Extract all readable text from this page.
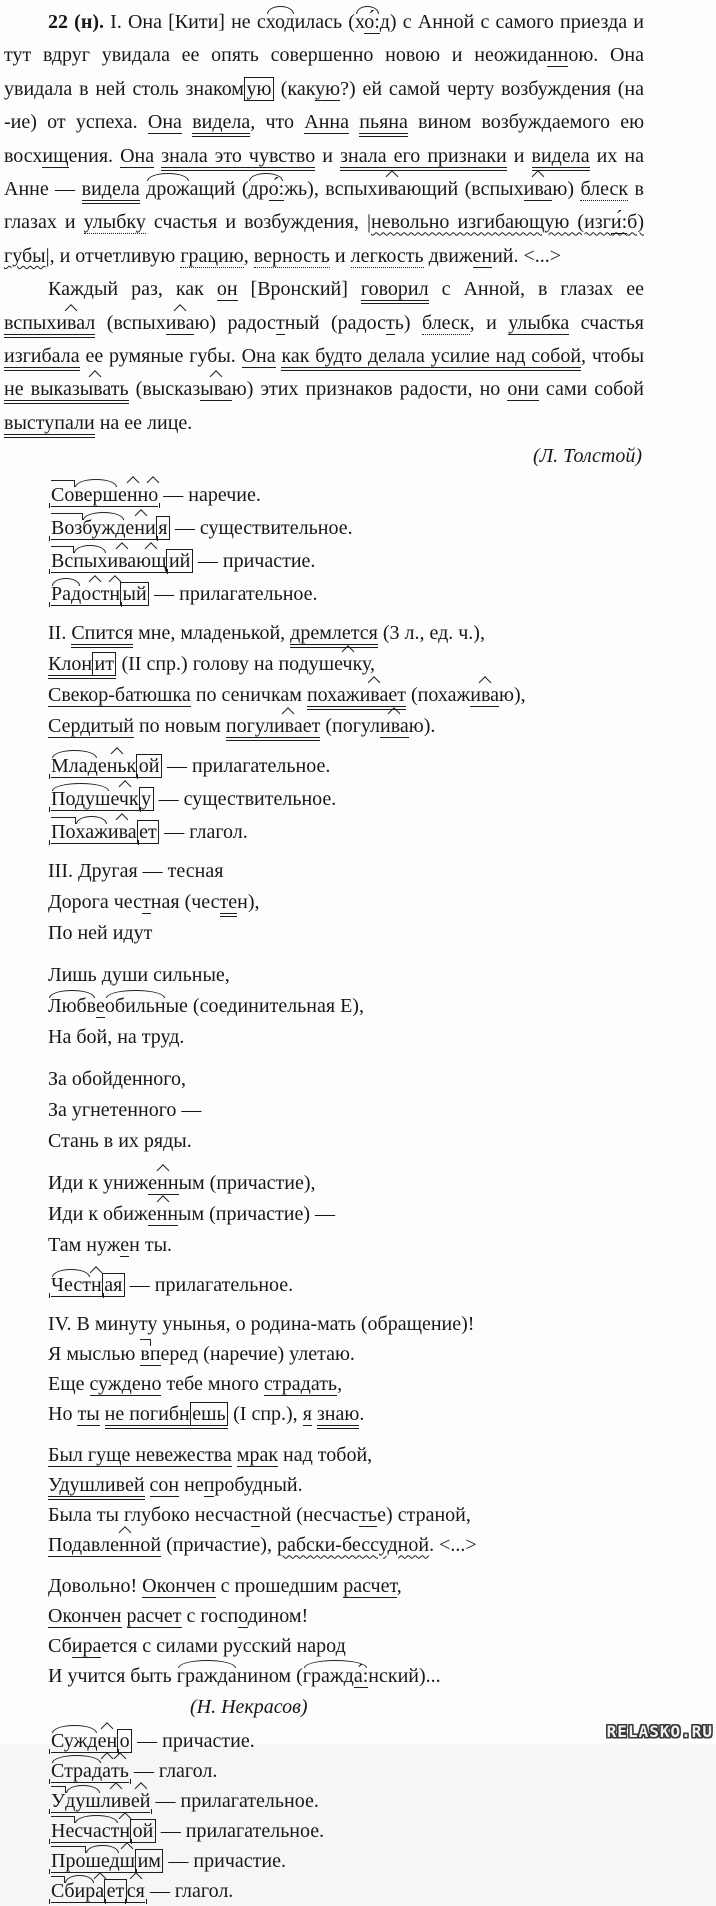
22 (н). I. Она [Кити] не сходилась (хо́:д) с Анной с самого приезда и тут вдруг увидала ее опять совершенно новою и неожиданною. Она увидала в ней столь знаком ую (какую?) ей самой черту возбуждения (на -ие) от успеха. Она видела, что Анна пьяна вином возбуждаемого ею восхищения. Она знала это чувство и знала его признаки и видела их на Анне — видела дрожащий (дро́:жь), вспыхивающий (вспыхиваю) блеск в глазах и улыбку счастья и возбуждения, |невольно изгибающую (изги́:б) губы|, и отчетливую грацию, верность и легкость движений. <...>

Каждый раз, как он [Вронский] говорил с Анной, в глазах ее вспыхивал (вспыхиваю) радостный (радость) блеск, и улыбка счастья изгибала ее румяные губы. Она как будто делала усилие над собой, чтобы не выказывать (высказываю) этих признаков радости, но они сами собой выступали на ее лице.

(Л. Толстой)
Совершенно — наречие.
Возбуждени я — существительное.
Вспыхивающ ий — причастие.
Радостн ый — прилагательное.
II. Спится мне, младенькой, дремлется (3 л., ед. ч.),
Клон ит (II спр.) голову на подушечку,
Свекор-батюшка по сеничкам похаживает (похаживаю),
Сердитый по новым погуливает (погуливаю).
Младеньк ой — прилагательное.
Подушечк у — существительное.
Похажива ет — глагол.
III. Другая — тесная
Дорога честная (честен),
По ней идут
Лишь души сильные,
Любвеобильные (соединительная Е),
На бой, на труд.
За обойденного,
За угнетенного —
Стань в их ряды.
Иди к униженным (причастие),
Иди к обиженным (причастие) —
Там нужен ты.
Честн ая — прилагательное.
IV. В минуту унынья, о родина-мать (обращение)!
Я мыслью вперед (наречие) улетаю.
Еще суждено тебе много страдать,
Но ты не погибн ешь (I спр.), я знаю.
Был гуще невежества мрак над тобой,
Удушливей сон непробудный.
Была ты глубоко несчастной (несчастье) страной,
Подавленной (причастие), рабски-бессудной. <...>
Довольно! Окончен с прошедшим расчет,
Окончен расчет с господином!
Сбирается с силами русский народ
И учится быть гражданином (гражда́:нский)...
(Н. Некрасов)
Сужден о — причастие.
Страдать — глагол.
Удушливей — прилагательное.
Несчастн ой — прилагательное.
Прошедш им — причастие.
Сбира ет ся — глагол.
RELASKO.RU
